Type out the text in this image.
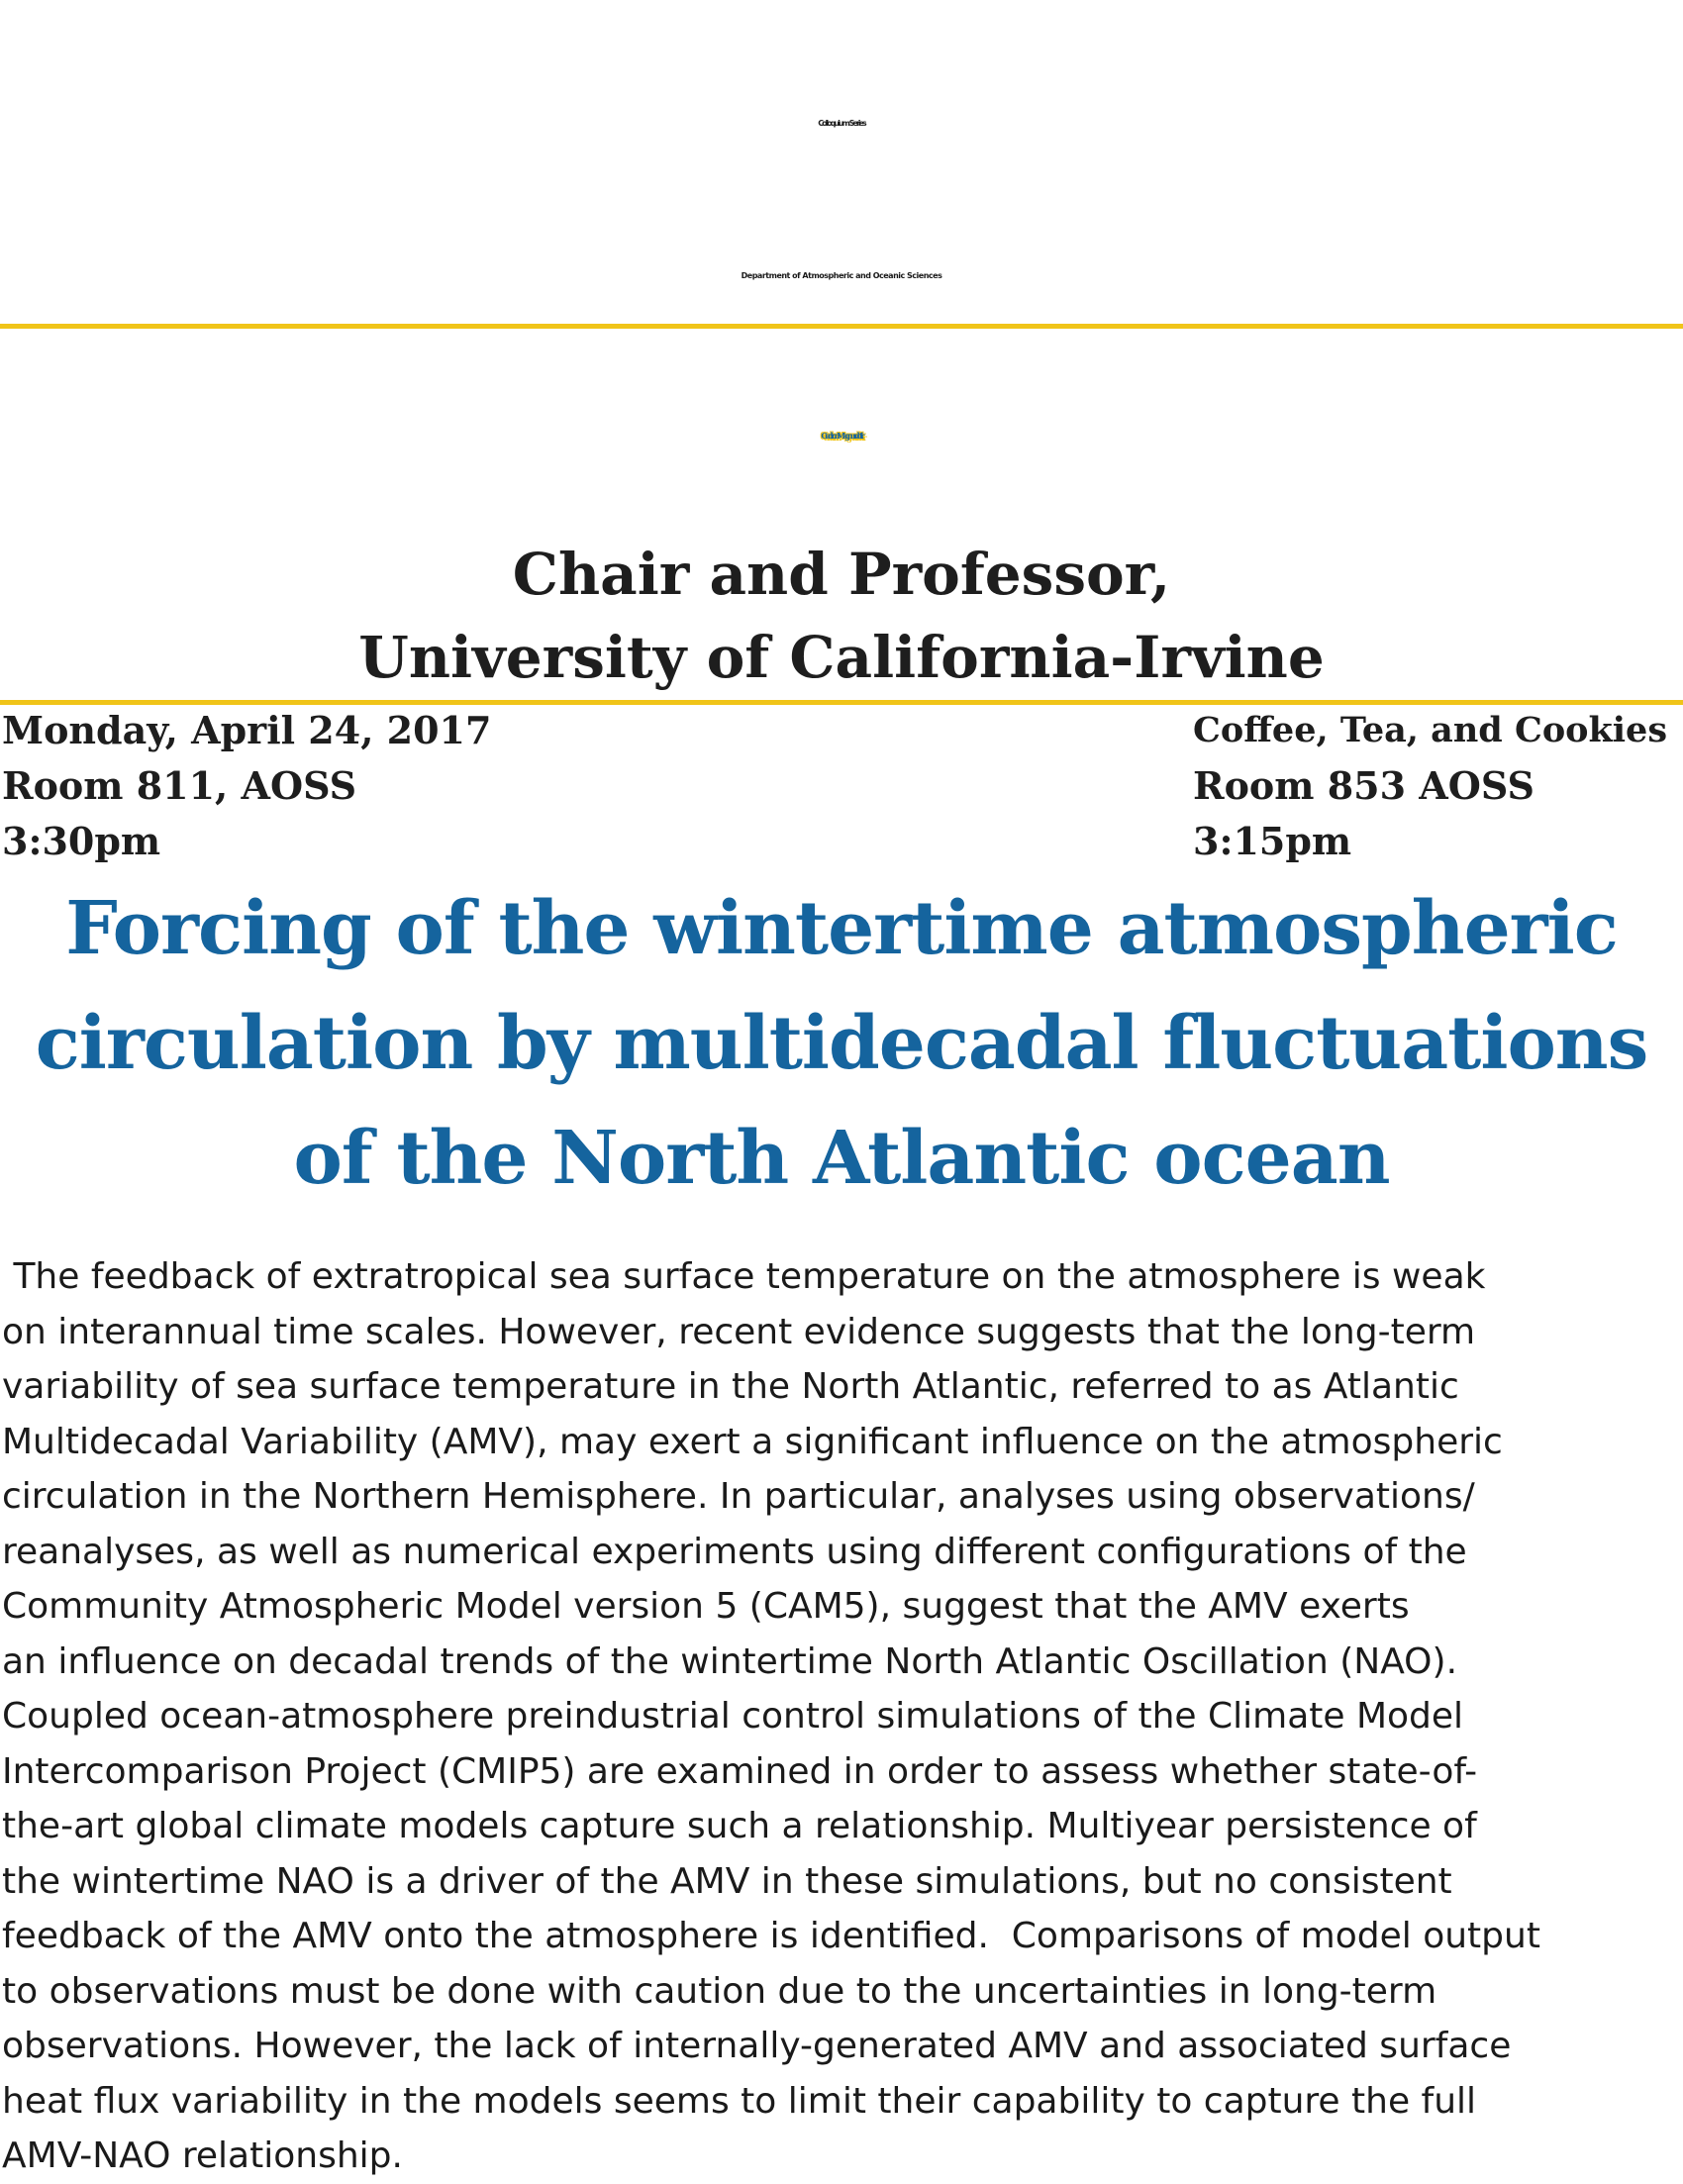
Colloquium Series
Department of Atmospheric and Oceanic Sciences
Gudrun Magnusdottir
Chair and Professor,
University of California-Irvine
Monday, April 24, 2017
Room 811, AOSS
3:30pm
Coffee, Tea, and Cookies
Room 853 AOSS
3:15pm
Forcing of the wintertime atmospheric
circulation by multidecadal fluctuations
of the North Atlantic ocean
The feedback of extratropical sea surface temperature on the atmosphere is weak
on interannual time scales. However, recent evidence suggests that the long-term
variability of sea surface temperature in the North Atlantic, referred to as Atlantic
Multidecadal Variability (AMV), may exert a significant influence on the atmospheric
circulation in the Northern Hemisphere. In particular, analyses using observations/
reanalyses, as well as numerical experiments using different configurations of the
Community Atmospheric Model version 5 (CAM5), suggest that the AMV exerts
an influence on decadal trends of the wintertime North Atlantic Oscillation (NAO).
Coupled ocean-atmosphere preindustrial control simulations of the Climate Model
Intercomparison Project (CMIP5) are examined in order to assess whether state-of-
the-art global climate models capture such a relationship. Multiyear persistence of
the wintertime NAO is a driver of the AMV in these simulations, but no consistent
feedback of the AMV onto the atmosphere is identified.  Comparisons of model output
to observations must be done with caution due to the uncertainties in long-term
observations. However, the lack of internally-generated AMV and associated surface
heat flux variability in the models seems to limit their capability to capture the full
AMV-NAO relationship.
